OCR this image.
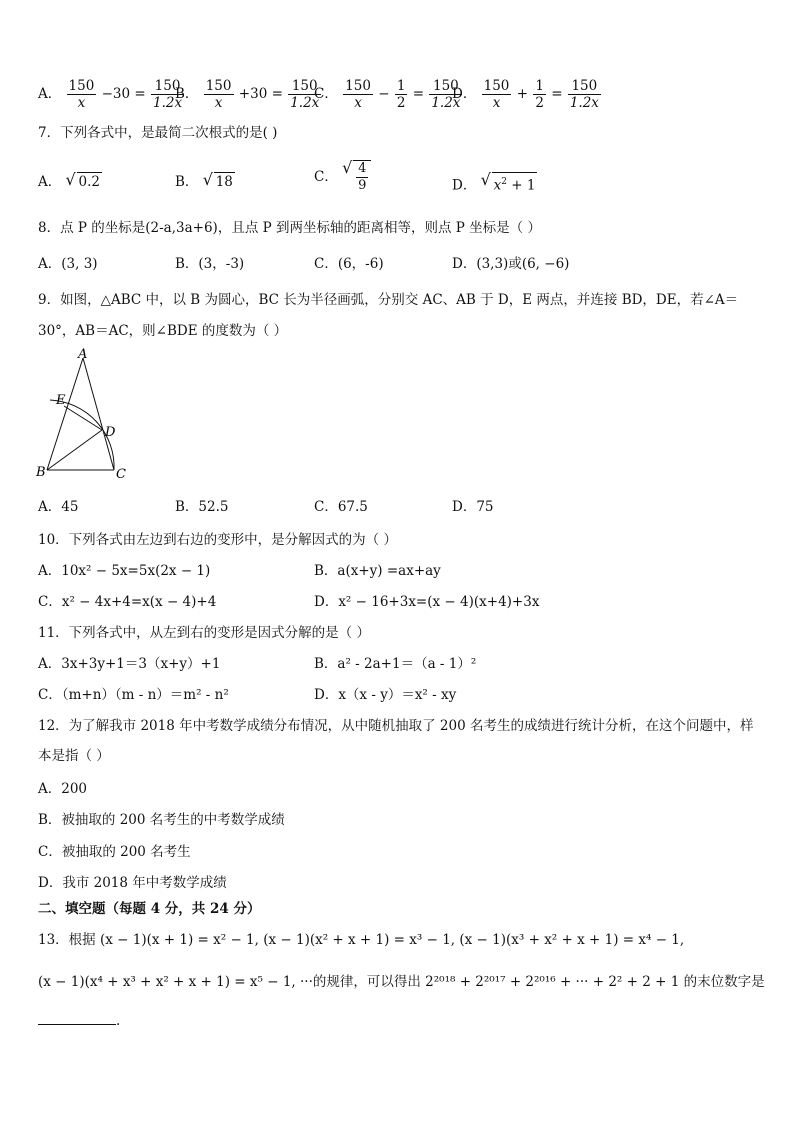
A． $\frac{150}{x} -30 = \frac{150}{1.2x}$
B． $\frac{150}{x} +30 = \frac{150}{1.2x}$
C． $\frac{150}{x} - \frac{1}{2} = \frac{150}{1.2x}$
D． $\frac{150}{x} + \frac{1}{2} = \frac{150}{1.2x}$
7．下列各式中，是最简二次根式的是( )
A． √ 0.2	B． √ 18	C． √ $\frac{4}{9}$	D． √ $x^2 + 1$
8．点 P 的坐标是(2-a,3a+6)，且点 P 到两坐标轴的距离相等，则点 P 坐标是（ ）
A．(3, 3)	B．(3，-3)	C．(6，-6)	D．(3,3)或(6, −6)
9．如图，△ABC 中，以 B 为圆心，BC 长为半径画弧，分别交 AC、AB 于 D，E 两点，并连接 BD，DE，若∠A＝
30°，AB＝AC，则∠BDE 的度数为（ ）
A
E
D
B	C
A．45	B．52.5	C．67.5	D．75
10．下列各式由左边到右边的变形中，是分解因式的为（ ）
A．10x² − 5x=5x(2x − 1)	B．a(x+y) =ax+ay
C．x² − 4x+4=x(x − 4)+4	D．x² − 16+3x=(x − 4)(x+4)+3x
11．下列各式中，从左到右的变形是因式分解的是（ ）
A．3x+3y+1＝3（x+y）+1	B．a² - 2a+1＝（a - 1）²
C．（m+n）（m - n）＝m² - n²	D．x（x - y）＝x² - xy
12．为了解我市 2018 年中考数学成绩分布情况，从中随机抽取了 200 名考生的成绩进行统计分析，在这个问题中，样本是指（ ）
A．200
B．被抽取的 200 名考生的中考数学成绩
C．被抽取的 200 名考生
D．我市 2018 年中考数学成绩
二、填空题（每题 4 分，共 24 分）
13．根据 (x − 1)(x + 1) = x² − 1, (x − 1)(x² + x + 1) = x³ − 1, (x − 1)(x³ + x² + x + 1) = x⁴ − 1,
(x − 1)(x⁴ + x³ + x² + x + 1) = x⁵ − 1, ···的规律，可以得出 2²⁰¹⁸ + 2²⁰¹⁷ + 2²⁰¹⁶ + ··· + 2² + 2 + 1 的末位数字是
.
